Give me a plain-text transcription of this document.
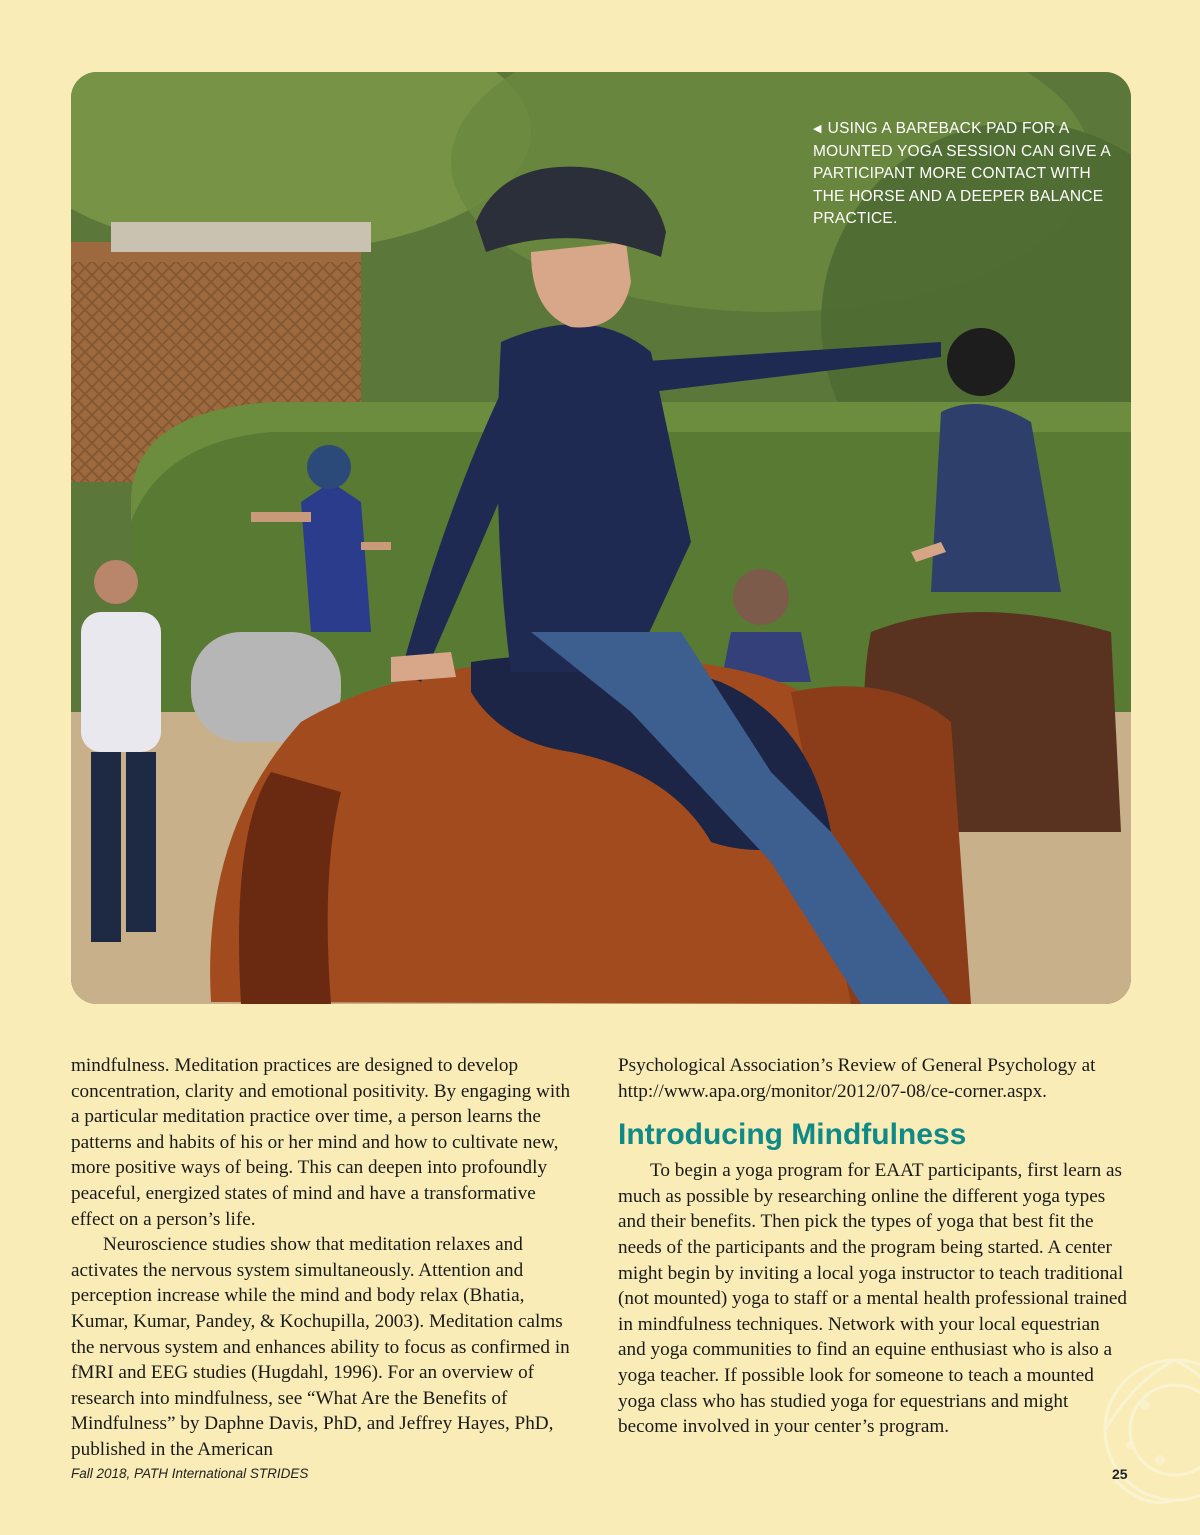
◀ USING A BAREBACK PAD FOR A MOUNTED YOGA SESSION CAN GIVE A PARTICIPANT MORE CONTACT WITH THE HORSE AND A DEEPER BALANCE PRACTICE.

mindfulness. Meditation practices are designed to develop concentration, clarity and emotional positivity. By engaging with a particular meditation practice over time, a person learns the patterns and habits of his or her mind and how to cultivate new, more positive ways of being. This can deepen into profoundly peaceful, energized states of mind and have a transformative effect on a person’s life.

Neuroscience studies show that meditation relaxes and activates the nervous system simultaneously. Attention and perception increase while the mind and body relax (Bhatia, Kumar, Kumar, Pandey, & Kochupilla, 2003). Meditation calms the nervous system and enhances ability to focus as confirmed in fMRI and EEG studies (Hugdahl, 1996). For an overview of research into mindfulness, see “What Are the Benefits of Mindfulness” by Daphne Davis, PhD, and Jeffrey Hayes, PhD, published in the American

Psychological Association’s Review of General Psychology at http://www.apa.org/monitor/2012/07-08/ce-corner.aspx.

Introducing Mindfulness

To begin a yoga program for EAAT participants, first learn as much as possible by researching online the different yoga types and their benefits. Then pick the types of yoga that best fit the needs of the participants and the program being started. A center might begin by inviting a local yoga instructor to teach traditional (not mounted) yoga to staff or a mental health professional trained in mindfulness techniques. Network with your local equestrian and yoga communities to find an equine enthusiast who is also a yoga teacher. If possible look for someone to teach a mounted yoga class who has studied yoga for equestrians and might become involved in your center’s program.

Fall 2018, PATH International STRIDES	25
